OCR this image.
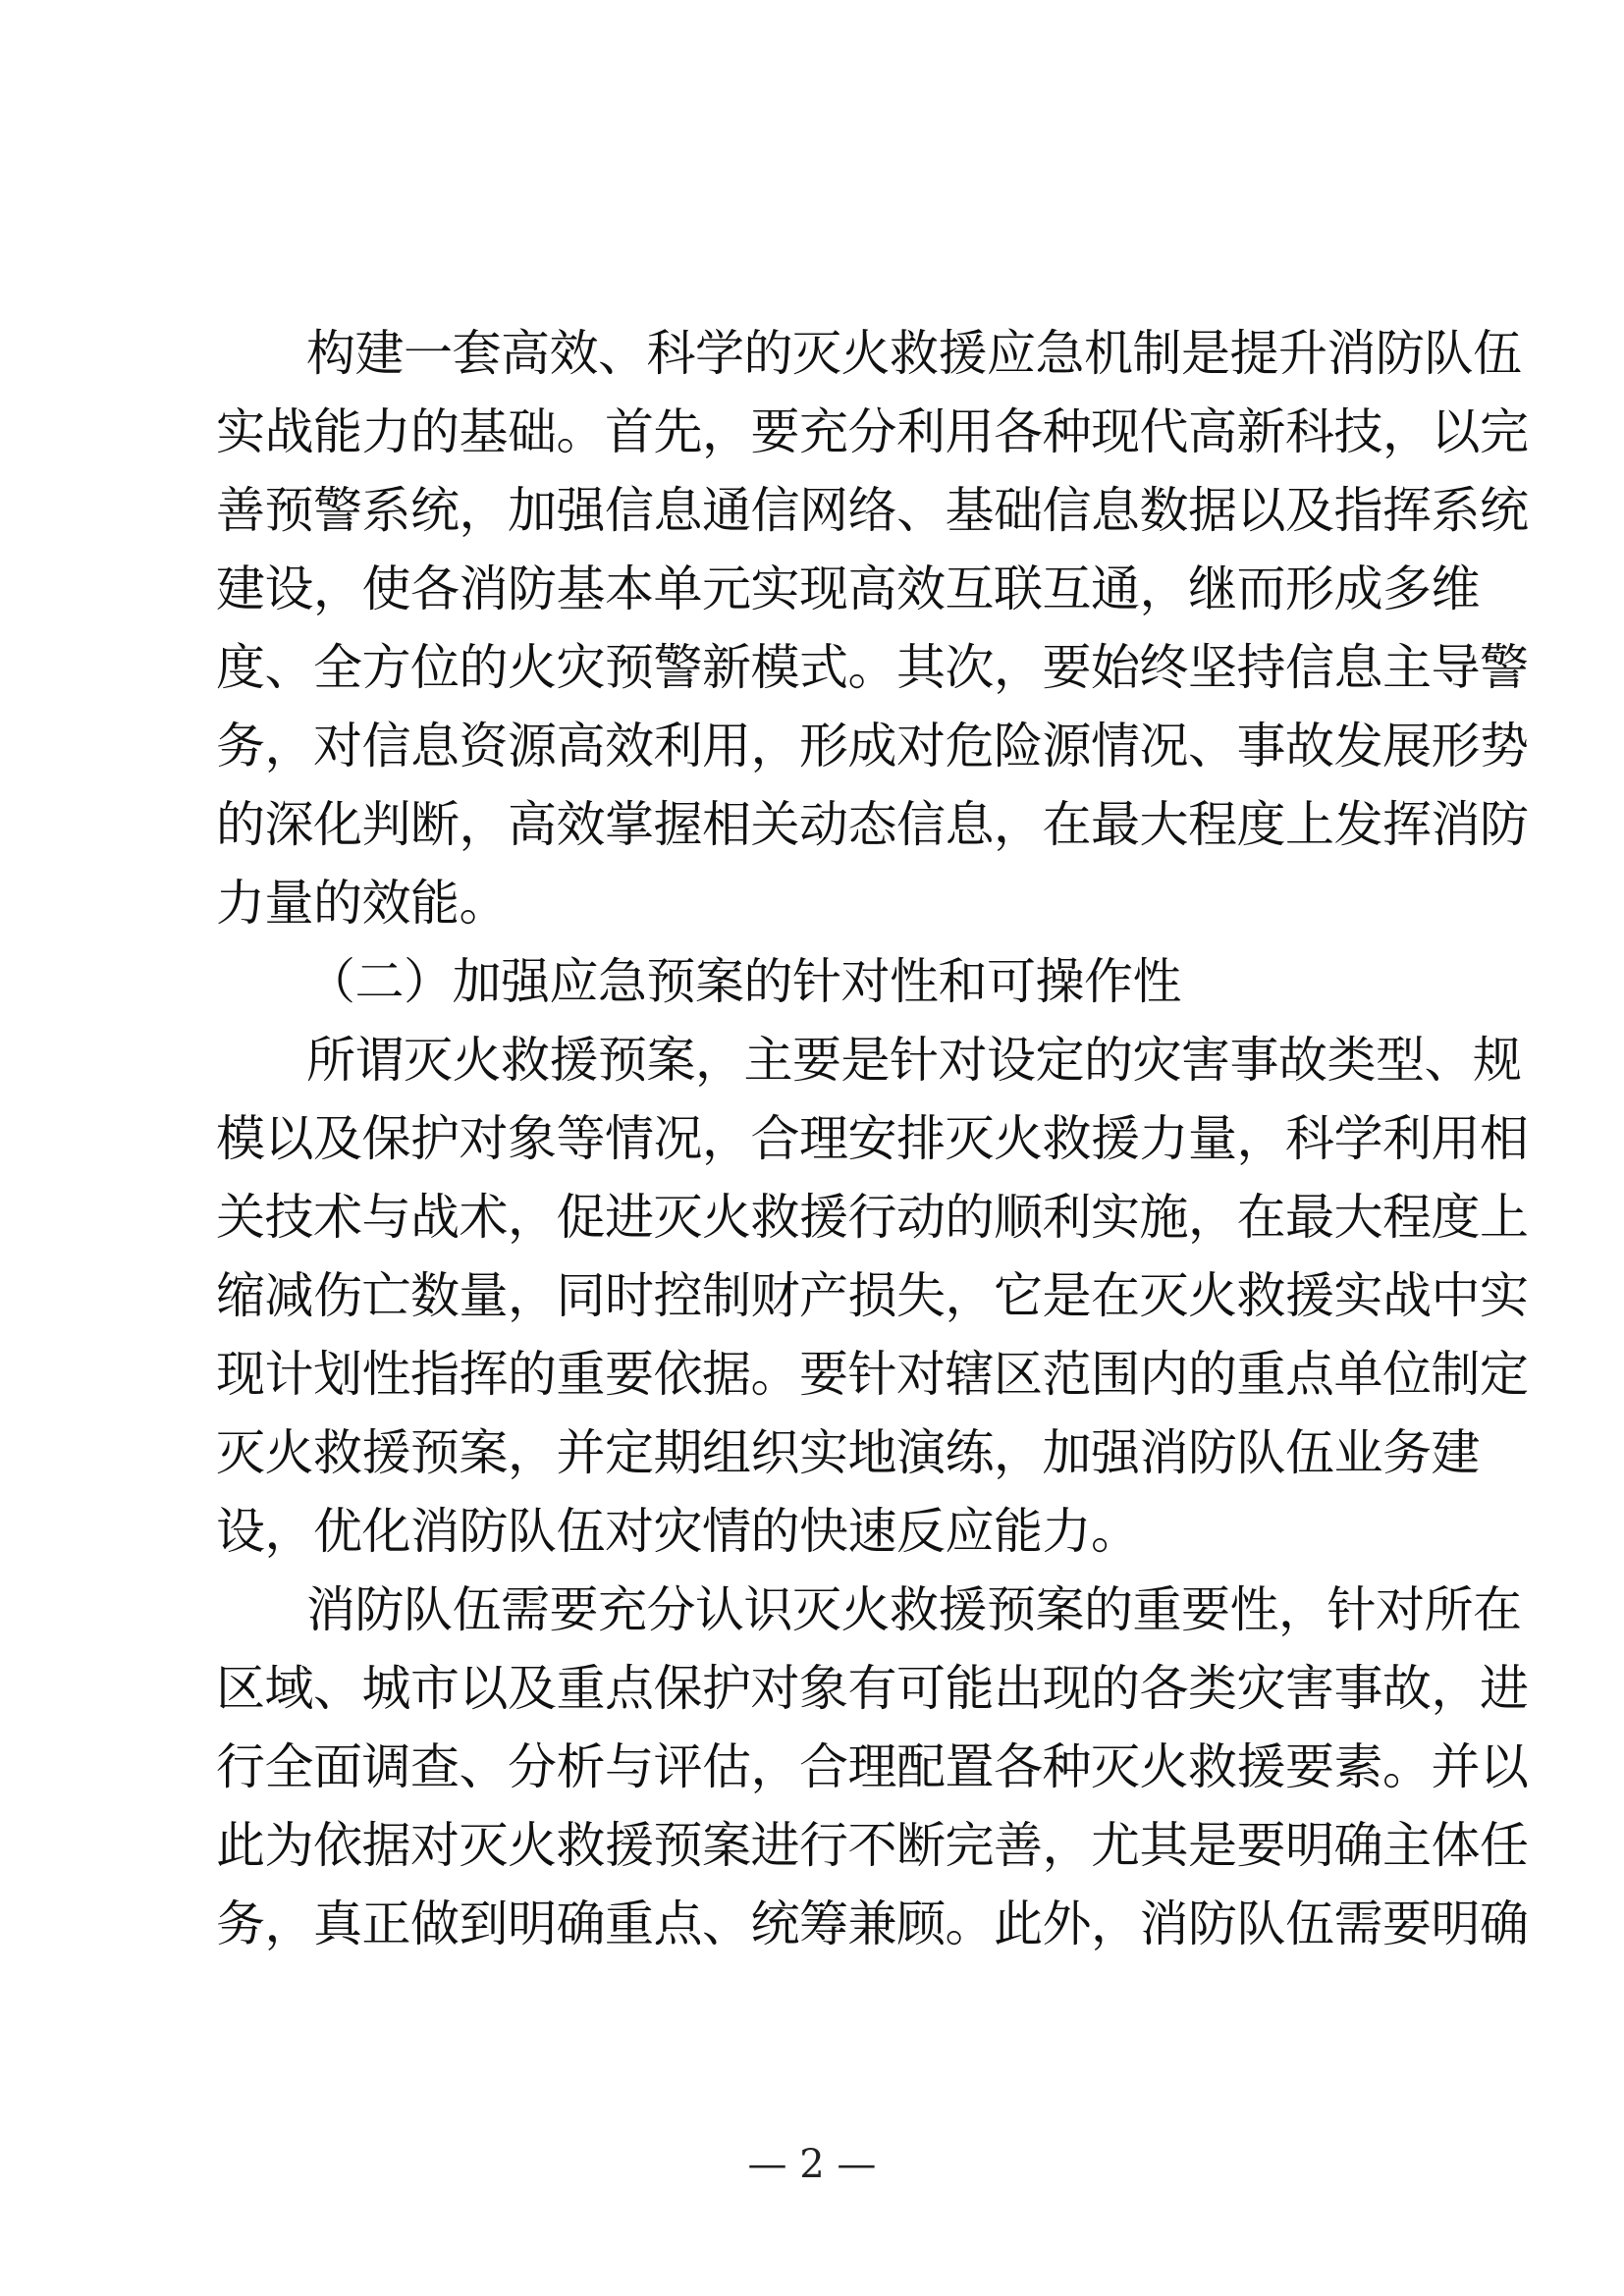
构建一套高效、科学的灭火救援应急机制是提升消防队伍
实战能力的基础。首先，要充分利用各种现代高新科技，以完
善预警系统，加强信息通信网络、基础信息数据以及指挥系统
建设，使各消防基本单元实现高效互联互通，继而形成多维
度、全方位的火灾预警新模式。其次，要始终坚持信息主导警
务，对信息资源高效利用，形成对危险源情况、事故发展形势
的深化判断，高效掌握相关动态信息，在最大程度上发挥消防
力量的效能。
（二）加强应急预案的针对性和可操作性
所谓灭火救援预案，主要是针对设定的灾害事故类型、规
模以及保护对象等情况，合理安排灭火救援力量，科学利用相
关技术与战术，促进灭火救援行动的顺利实施，在最大程度上
缩减伤亡数量，同时控制财产损失，它是在灭火救援实战中实
现计划性指挥的重要依据。要针对辖区范围内的重点单位制定
灭火救援预案，并定期组织实地演练，加强消防队伍业务建
设，优化消防队伍对灾情的快速反应能力。
消防队伍需要充分认识灭火救援预案的重要性，针对所在
区域、城市以及重点保护对象有可能出现的各类灾害事故，进
行全面调查、分析与评估，合理配置各种灭火救援要素。并以
此为依据对灭火救援预案进行不断完善，尤其是要明确主体任
务，真正做到明确重点、统筹兼顾。此外，消防队伍需要明确
— 2 —
